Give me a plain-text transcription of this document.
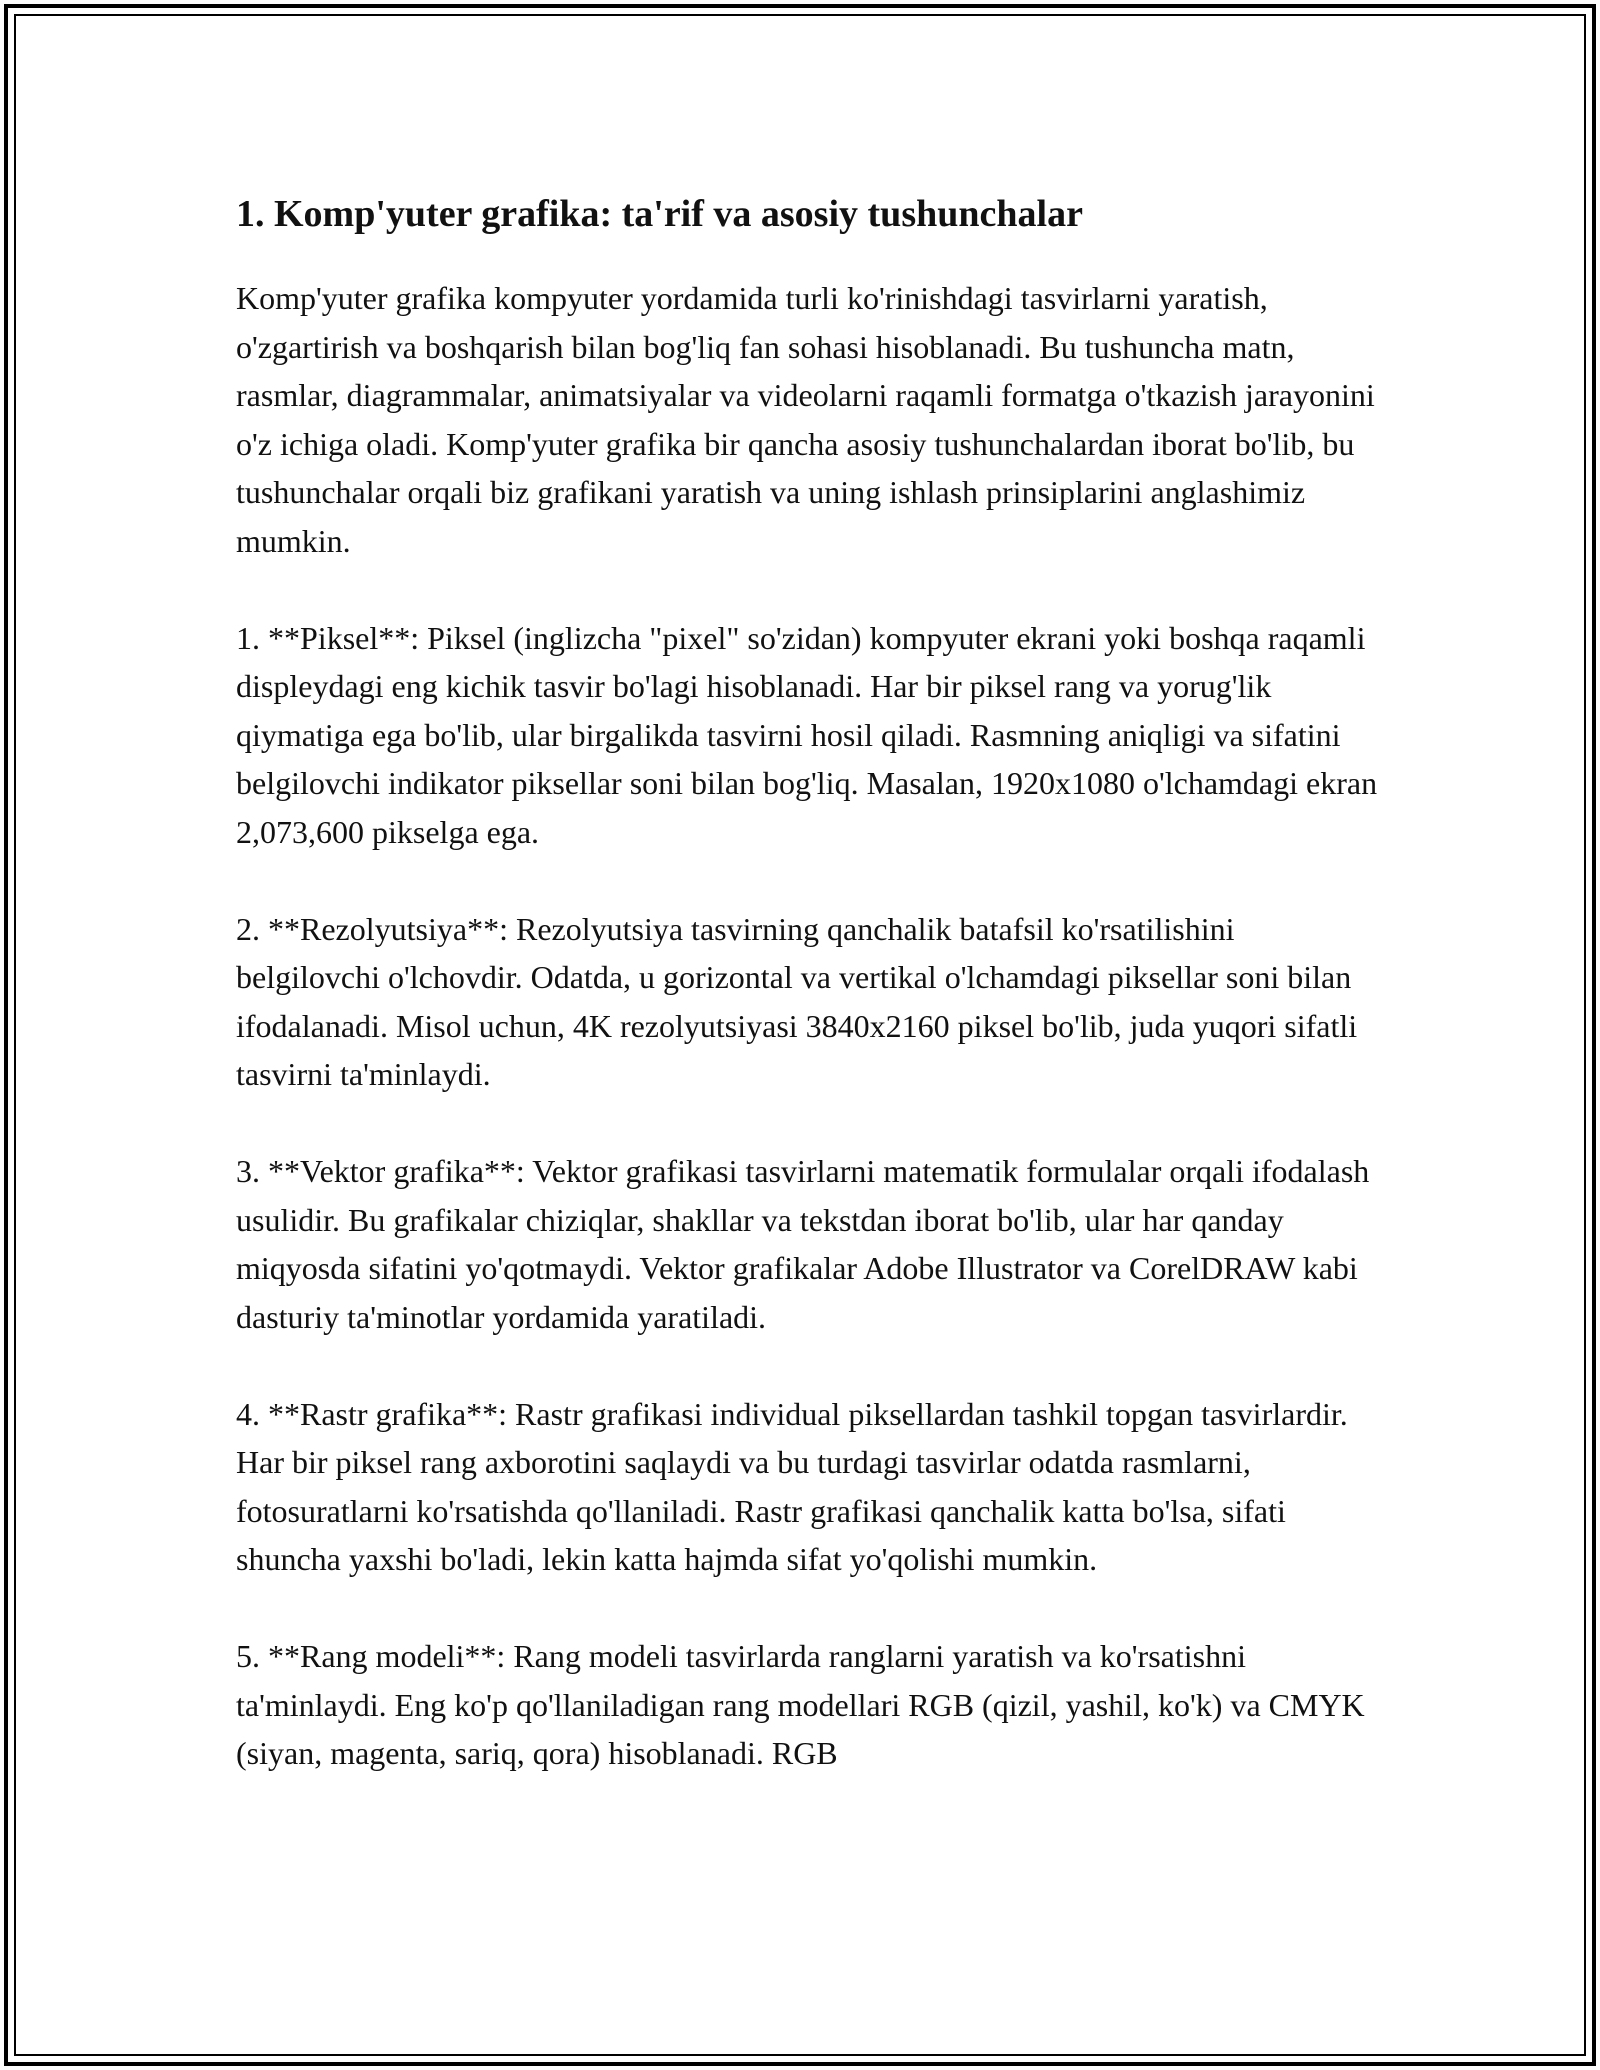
1. Komp'yuter grafika: ta'rif va asosiy tushunchalar

Komp'yuter grafika kompyuter yordamida turli ko'rinishdagi tasvirlarni yaratish, o'zgartirish va boshqarish bilan bog'liq fan sohasi hisoblanadi. Bu tushuncha matn, rasmlar, diagrammalar, animatsiyalar va videolarni raqamli formatga o'tkazish jarayonini o'z ichiga oladi. Komp'yuter grafika bir qancha asosiy tushunchalardan iborat bo'lib, bu tushunchalar orqali biz grafikani yaratish va uning ishlash prinsiplarini anglashimiz mumkin.

1. **Piksel**: Piksel (inglizcha "pixel" so'zidan) kompyuter ekrani yoki boshqa raqamli displeydagi eng kichik tasvir bo'lagi hisoblanadi. Har bir piksel rang va yorug'lik qiymatiga ega bo'lib, ular birgalikda tasvirni hosil qiladi. Rasmning aniqligi va sifatini belgilovchi indikator piksellar soni bilan bog'liq. Masalan, 1920x1080 o'lchamdagi ekran 2,073,600 pikselga ega.

2. **Rezolyutsiya**: Rezolyutsiya tasvirning qanchalik batafsil ko'rsatilishini belgilovchi o'lchovdir. Odatda, u gorizontal va vertikal o'lchamdagi piksellar soni bilan ifodalanadi. Misol uchun, 4K rezolyutsiyasi 3840x2160 piksel bo'lib, juda yuqori sifatli tasvirni ta'minlaydi.

3. **Vektor grafika**: Vektor grafikasi tasvirlarni matematik formulalar orqali ifodalash usulidir. Bu grafikalar chiziqlar, shakllar va tekstdan iborat bo'lib, ular har qanday miqyosda sifatini yo'qotmaydi. Vektor grafikalar Adobe Illustrator va CorelDRAW kabi dasturiy ta'minotlar yordamida yaratiladi.

4. **Rastr grafika**: Rastr grafikasi individual piksellardan tashkil topgan tasvirlardir. Har bir piksel rang axborotini saqlaydi va bu turdagi tasvirlar odatda rasmlarni, fotosuratlarni ko'rsatishda qo'llaniladi. Rastr grafikasi qanchalik katta bo'lsa, sifati shuncha yaxshi bo'ladi, lekin katta hajmda sifat yo'qolishi mumkin.

5. **Rang modeli**: Rang modeli tasvirlarda ranglarni yaratish va ko'rsatishni ta'minlaydi. Eng ko'p qo'llaniladigan rang modellari RGB (qizil, yashil, ko'k) va CMYK (siyan, magenta, sariq, qora) hisoblanadi. RGB
